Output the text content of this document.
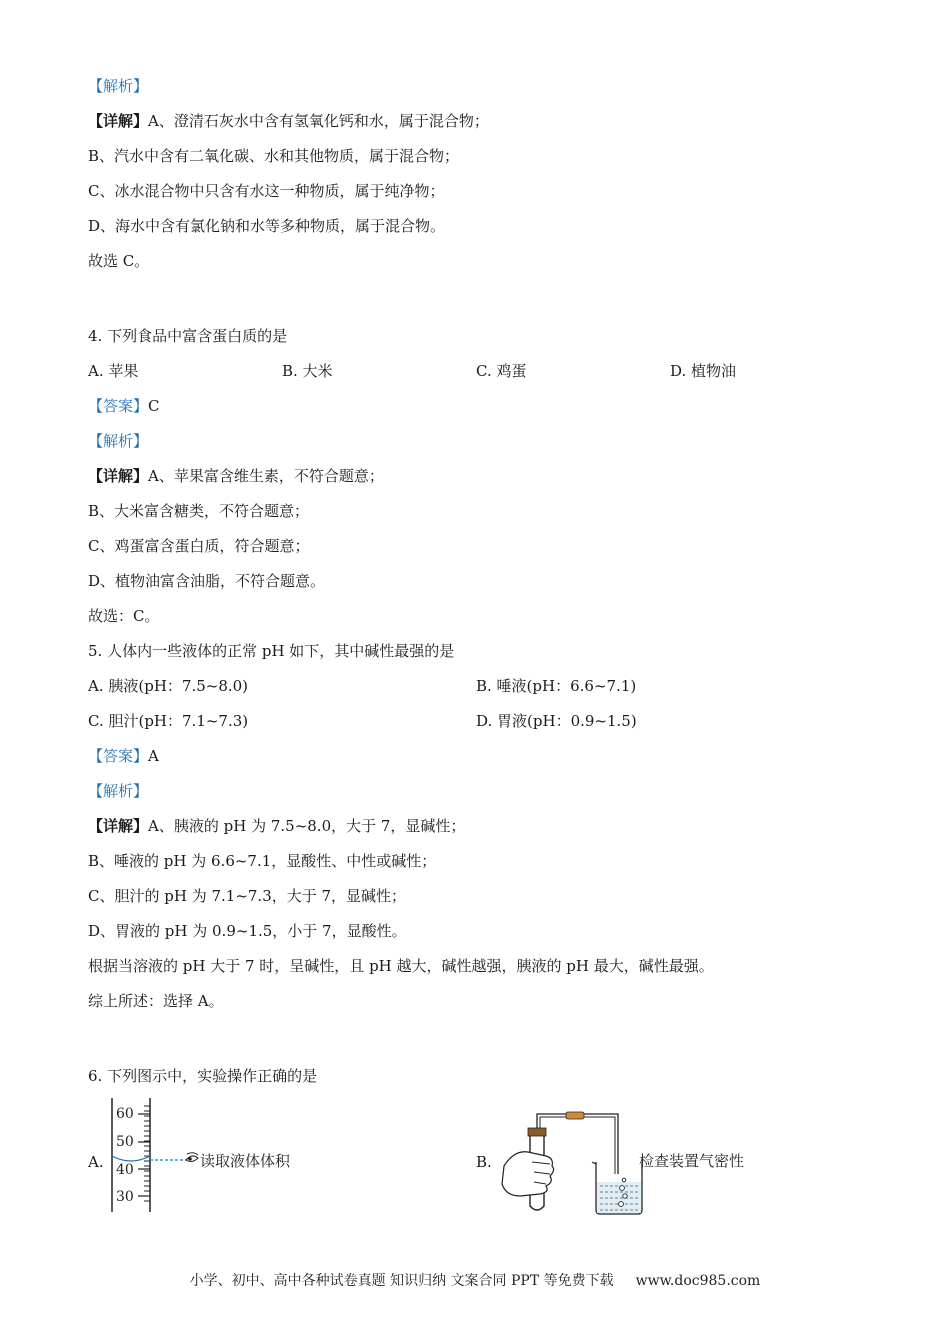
【解析】
【详解】A、澄清石灰水中含有氢氧化钙和水，属于混合物；
B、汽水中含有二氧化碳、水和其他物质，属于混合物；
C、冰水混合物中只含有水这一种物质，属于纯净物；
D、海水中含有氯化钠和水等多种物质，属于混合物。
故选 C。
4. 下列食品中富含蛋白质的是
A. 苹果	B. 大米	C. 鸡蛋	D. 植物油
【答案】C
【解析】
【详解】A、苹果富含维生素，不符合题意；
B、大米富含糖类，不符合题意；
C、鸡蛋富含蛋白质，符合题意；
D、植物油富含油脂，不符合题意。
故选：C。
5. 人体内一些液体的正常 pH 如下，其中碱性最强的是
A. 胰液(pH：7.5~8.0)	B. 唾液(pH：6.6~7.1)
C. 胆汁(pH：7.1~7.3)	D. 胃液(pH：0.9~1.5)
【答案】A
【解析】
【详解】A、胰液的 pH 为 7.5~8.0，大于 7，显碱性；
B、唾液的 pH 为 6.6~7.1，显酸性、中性或碱性；
C、胆汁的 pH 为 7.1~7.3，大于 7，显碱性；
D、胃液的 pH 为 0.9~1.5，小于 7，显酸性。
根据当溶液的 pH 大于 7 时，呈碱性，且 pH 越大，碱性越强，胰液的 pH 最大，碱性最强。
综上所述：选择 A。
6. 下列图示中，实验操作正确的是
A.
60
50
40
30
读取液体体积	B.	检查装置气密性
小学、初中、高中各种试卷真题 知识归纳 文案合同 PPT 等免费下载 www.doc985.com
